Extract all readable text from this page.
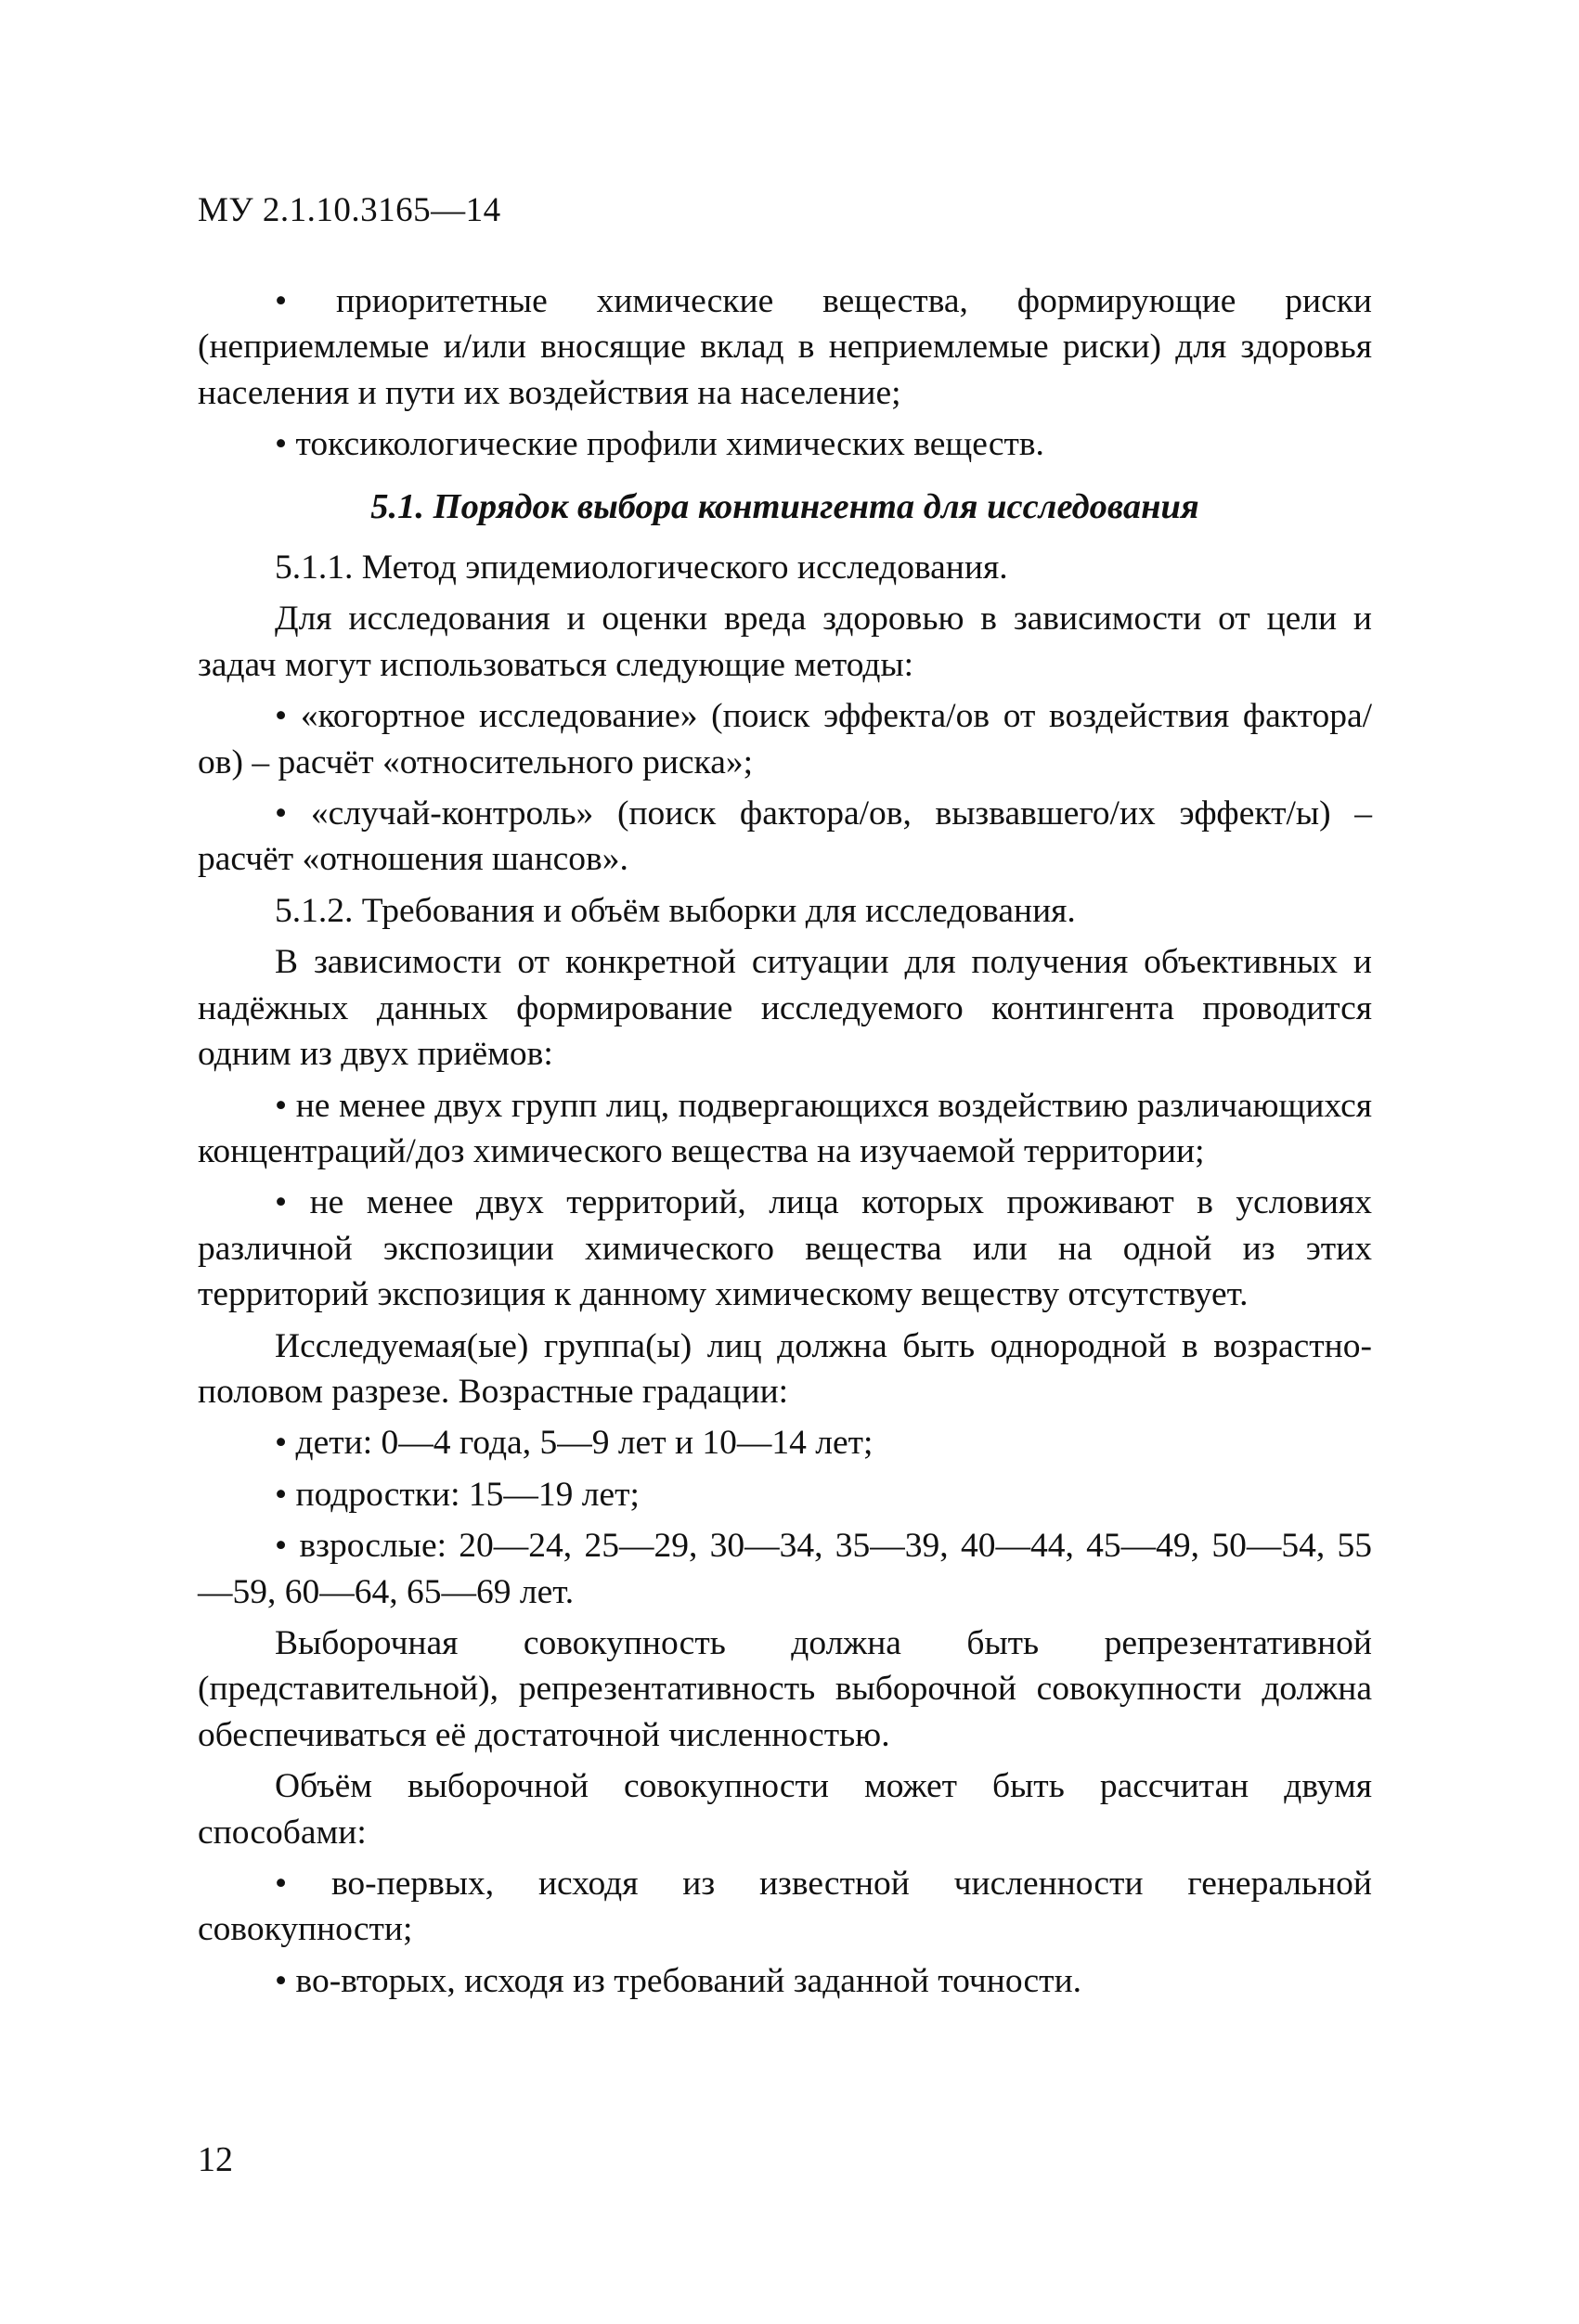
МУ 2.1.10.3165—14

• приоритетные химические вещества, формирующие риски (неприемлемые и/или вносящие вклад в неприемлемые риски) для здоровья населения и пути их воздействия на население;

• токсикологические профили химических веществ.

5.1. Порядок выбора контингента для исследования

5.1.1. Метод эпидемиологического исследования.

Для исследования и оценки вреда здоровью в зависимости от цели и задач могут использоваться следующие методы:

• «когортное исследование» (поиск эффекта/ов от воздействия фактора/ов) – расчёт «относительного риска»;

• «случай-контроль» (поиск фактора/ов, вызвавшего/их эффект/ы) – расчёт «отношения шансов».

5.1.2. Требования и объём выборки для исследования.

В зависимости от конкретной ситуации для получения объективных и надёжных данных формирование исследуемого контингента проводится одним из двух приёмов:

• не менее двух групп лиц, подвергающихся воздействию различающихся концентраций/доз химического вещества на изучаемой территории;

• не менее двух территорий, лица которых проживают в условиях различной экспозиции химического вещества или на одной из этих территорий экспозиция к данному химическому веществу отсутствует.

Исследуемая(ые) группа(ы) лиц должна быть однородной в возрастно-половом разрезе. Возрастные градации:

• дети: 0—4 года, 5—9 лет и 10—14 лет;

• подростки: 15—19 лет;

• взрослые: 20—24, 25—29, 30—34, 35—39, 40—44, 45—49, 50—54, 55—59, 60—64, 65—69 лет.

Выборочная совокупность должна быть репрезентативной (представительной), репрезентативность выборочной совокупности должна обеспечиваться её достаточной численностью.

Объём выборочной совокупности может быть рассчитан двумя способами:

• во-первых, исходя из известной численности генеральной совокупности;

• во-вторых, исходя из требований заданной точности.

12
